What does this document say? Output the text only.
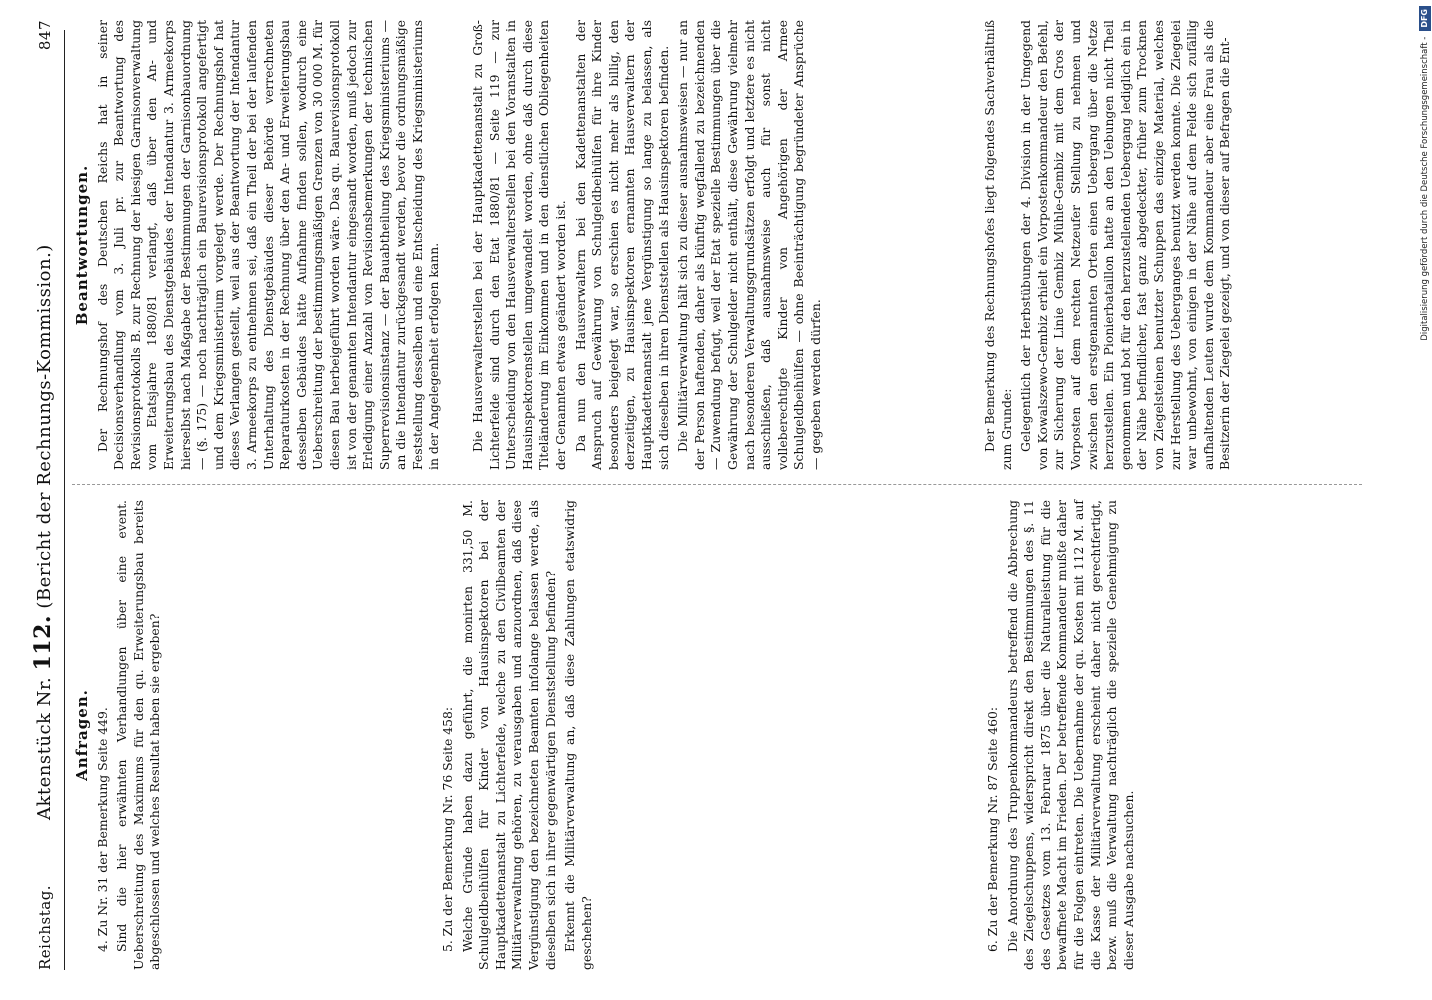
Reichstag.
Aktenstück Nr. 112. (Bericht der Rechnungs-Kommission.)
847
Anfragen. 4. Zu Nr. 31 der Bemerkung Seite 449. Sind die hier erwähnten Verhandlungen über eine event. Ueberschreitung des Maximums für den qu. Erweiterungsbau bereits abgeschlossen und welches Resultat haben sie ergeben?	5. Zu der Bemerkung Nr. 76 Seite 458: Welche Gründe haben dazu geführt, die monirten 331,50 M. Schulgeldbeihülfen für Kinder von Hausinspektoren bei der Hauptkadettenanstalt zu Lichterfelde, welche zu den Civilbeamten der Militärverwaltung gehören, zu verausgaben und anzuordnen, daß diese Vergünstigung den bezeichneten Beamten infolange belassen werde, als dieselben sich in ihrer gegenwärtigen Dienststellung befinden? Erkennt die Militärverwaltung an, daß diese Zahlungen etatswidrig geschehen?	6. Zu der Bemerkung Nr. 87 Seite 460: Die Anordnung des Truppenkommandeurs betreffend die Abbrechung des Ziegelschuppens, widerspricht direkt den Bestimmungen des §. 11 des Gesetzes vom 13. Februar 1875 über die Naturalleistung für die bewaffnete Macht im Frieden. Der betreffende Kommandeur mußte daher für die Folgen eintreten. Die Uebernahme der qu. Kosten mit 112 M. auf die Kasse der Militärverwaltung erscheint daher nicht gerechtfertigt, bezw. muß die Verwaltung nachträglich die spezielle Genehmigung zu dieser Ausgabe nachsuchen.

Beantwortungen. Der Rechnungshof des Deutschen Reichs hat in seiner Decisionsverhandlung vom 3. Juli pr. zur Beantwortung des Revisionsprotokolls B. zur Rechnung der hiesigen Garnisonverwaltung vom Etatsjahre 1880/81 verlangt, daß über den An- und Erweiterungsbau des Dienstgebäudes der Intendantur 3. Armeekorps hierselbst nach Maßgabe der Bestimmungen der Garnisonbauordnung — (§. 175) — noch nachträglich ein Baurevisionsprotokoll angefertigt und dem Kriegsministerium vorgelegt werde. Der Rechnungshof hat dieses Verlangen gestellt, weil aus der Beantwortung der Intendantur 3. Armeekorps zu entnehmen sei, daß ein Theil der bei der laufenden Unterhaltung des Dienstgebäudes dieser Behörde verrechneten Reparaturkosten in der Rechnung über den An- und Erweiterungsbau desselben Gebäudes hätte Aufnahme finden sollen, wodurch eine Ueberschreitung der bestimmungsmäßigen Grenzen von 30 000 M. für diesen Bau herbeigeführt worden wäre. Das qu. Baurevisionsprotokoll ist von der genannten Intendantur eingesandt worden, muß jedoch zur Erledigung einer Anzahl von Revisionsbemerkungen der technischen Superrevisionsinstanz — der Bauabtheilung des Kriegsministeriums — an die Intendantur zurückgesandt werden, bevor die ordnungsmäßige Feststellung desselben und eine Entscheidung des Kriegsministeriums in der Angelegenheit erfolgen kann. Die Hausverwalterstellen bei der Hauptkadettenanstalt zu Groß-Lichterfelde sind durch den Etat 1880/81 — Seite 119 — zur Unterscheidung von den Hausverwalterstellen bei den Voranstalten in Hausinspektorenstellen umgewandelt worden, ohne daß durch diese Titeländerung im Einkommen und in den dienstlichen Obliegenheiten der Genannten etwas geändert worden ist. Da nun den Hausverwaltern bei den Kadettenanstalten der Anspruch auf Gewährung von Schulgeldbeihülfen für ihre Kinder besonders beigelegt war, so erschien es nicht mehr als billig, den derzeitigen, zu Hausinspektoren ernannten Hausverwaltern der Hauptkadettenanstalt jene Vergünstigung so lange zu belassen, als sich dieselben in ihren Dienststellen als Hausinspektoren befinden. Die Militärverwaltung hält sich zu dieser ausnahmsweisen — nur an der Person haftenden, daher als künftig wegfallend zu bezeichnenden — Zuwendung befugt, weil der Etat spezielle Bestimmungen über die Gewährung der Schulgelder nicht enthält, diese Gewährung vielmehr nach besonderen Verwaltungsgrundsätzen erfolgt und letztere es nicht ausschließen, daß ausnahmsweise auch für sonst nicht volleberechtigte Kinder von Angehörigen der Armee Schulgeldbeihülfen — ohne Beeinträchtigung begründeter Ansprüche — gegeben werden dürfen.	Der Bemerkung des Rechnungshofes liegt folgendes Sachverhältniß zum Grunde: Gelegentlich der Herbstübungen der 4. Division in der Umgegend von Kowalszewo-Gembiz erhielt ein Vorpostenkommandeur den Befehl, zur Sicherung der Linie Gembiz Mühle-Gembiz mit dem Gros der Vorposten auf dem rechten Netzeufer Stellung zu nehmen und zwischen den erstgenannten Orten einen Uebergang über die Netze herzustellen. Ein Pionierbataillon hatte an den Uebungen nicht Theil genommen und bot für den herzustellenden Uebergang lediglich ein in der Nähe befindlicher, fast ganz abgedeckter, früher zum Trocknen von Ziegelsteinen benutzter Schuppen das einzige Material, welches zur Herstellung des Ueberganges benutzt werden konnte. Die Ziegelei war unbewohnt, von einigen in der Nähe auf dem Felde sich zufällig aufhaltenden Leuten wurde dem Kommandeur aber eine Frau als die Besitzerin der Ziegelei gezeigt, und von dieser auf Befragen die Ent-	Digitalisierung gefördert durch die Deutsche Forschungsgemeinschaft -
DFG
